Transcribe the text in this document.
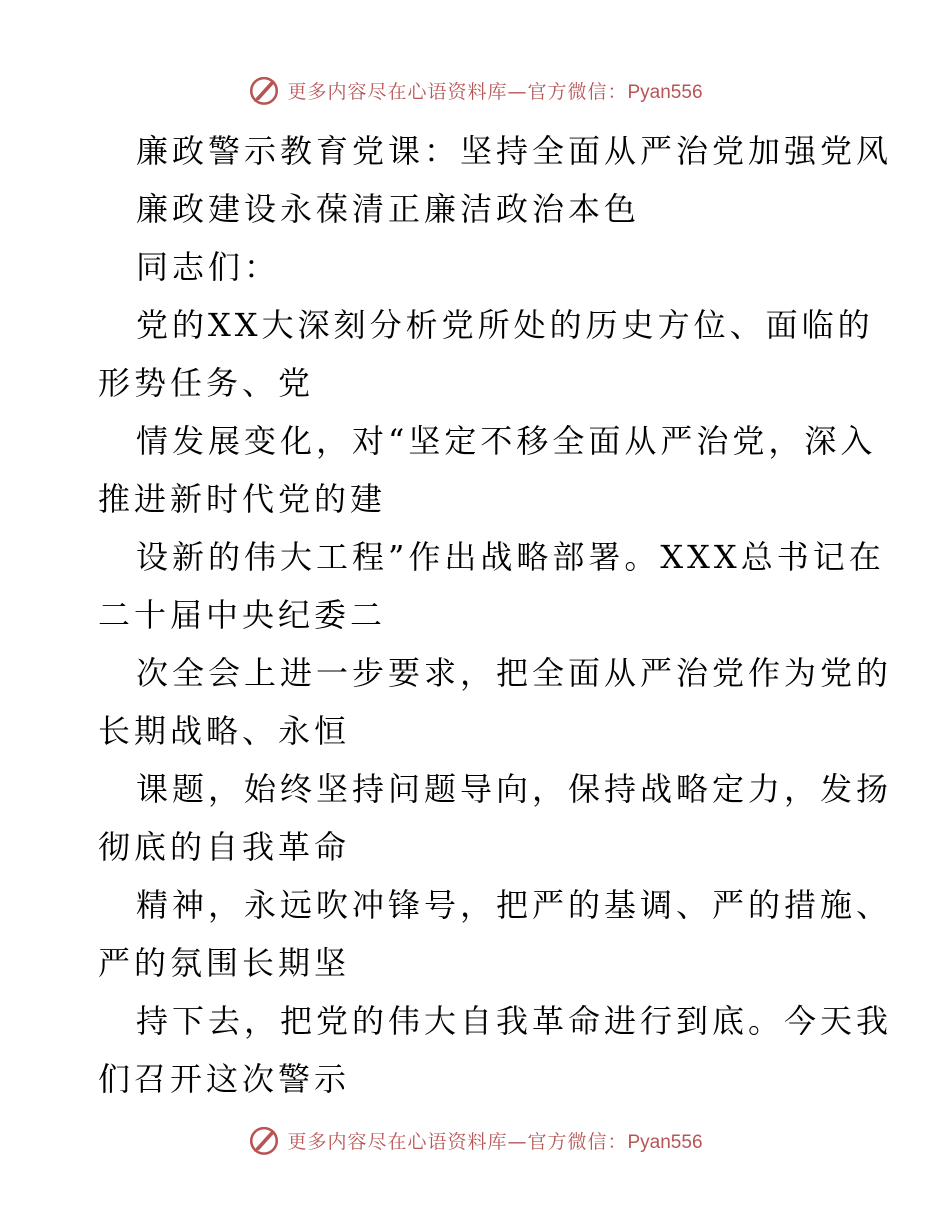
更多内容尽在心语资料库—官方微信：Pyan556
廉政警示教育党课：坚持全面从严治党加强党风
廉政建设永葆清正廉洁政治本色
同志们：
党的XX大深刻分析党所处的历史方位、面临的
形势任务、党
情发展变化，对“坚定不移全面从严治党，深入
推进新时代党的建
设新的伟大工程”作出战略部署。XXX总书记在
二十届中央纪委二
次全会上进一步要求，把全面从严治党作为党的
长期战略、永恒
课题，始终坚持问题导向，保持战略定力，发扬
彻底的自我革命
精神，永远吹冲锋号，把严的基调、严的措施、
严的氛围长期坚
持下去，把党的伟大自我革命进行到底。今天我
们召开这次警示
更多内容尽在心语资料库—官方微信：Pyan556
